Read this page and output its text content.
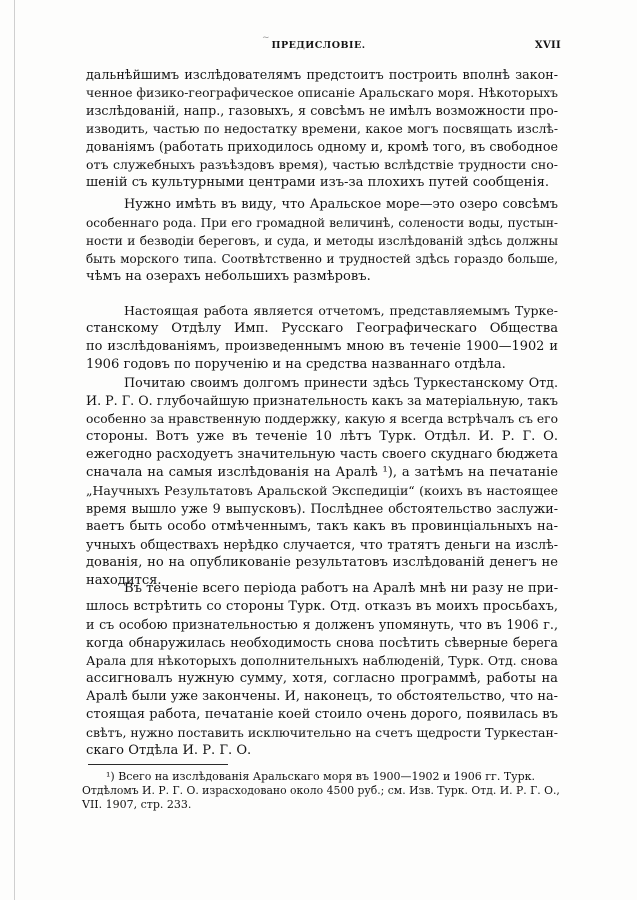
~
ПРЕДИСЛОВІЕ.	XVII

дальнѣйшимъ изслѣдователямъ предстоитъ построить вполнѣ закон-
ченное физико-географическое описаніе Аральскаго моря. Нѣкоторыхъ
изслѣдованій, напр., газовыхъ, я совсѣмъ не имѣлъ возможности про-
изводить, частью по недостатку времени, какое могъ посвящать изслѣ-
дованіямъ (работать приходилось одному и, кромѣ того, въ свободное
отъ служебныхъ разъѣздовъ время), частью вслѣдствіе трудности сно-
шеній съ культурными центрами изъ-за плохихъ путей сообщенія.

Нужно имѣть въ виду, что Аральское море—это озеро совсѣмъ
особеннаго рода. При его громадной величинѣ, солености воды, пустын-
ности и безводіи береговъ, и суда, и методы изслѣдованій здѣсь должны
быть морского типа. Соотвѣтственно и трудностей здѣсь гораздо больше,
чѣмъ на озерахъ небольшихъ размѣровъ.

Настоящая работа является отчетомъ, представляемымъ Туркe-
станскому Отдѣлу Имп. Русскаго Географическаго Общества
по изслѣдованіямъ, произведеннымъ мною въ теченіе 1900—1902 и
1906 годовъ по порученію и на средства названнаго отдѣла.

Почитаю своимъ долгомъ принести здѣсь Туркестанскому Отд.
И. Р. Г. О. глубочайшую признательность какъ за матеріальную, такъ
особенно за нравственную поддержку, какую я всегда встрѣчалъ съ его
стороны. Вотъ уже въ теченіе 10 лѣтъ Турк. Отдѣл. И. Р. Г. О.
ежегодно расходуетъ значительную часть своего скуднаго бюджета
сначала на самыя изслѣдованія на Аралѣ ¹), а затѣмъ на печатаніе
„Научныхъ Результатовъ Аральской Экспедиціи“ (коихъ въ настоящее
время вышло уже 9 выпусковъ). Послѣднее обстоятельство заслужи-
ваетъ быть особо отмѣченнымъ, такъ какъ въ провинціальныхъ на-
учныхъ обществахъ нерѣдко случается, что тратятъ деньги на изслѣ-
дованія, но на опубликованіе результатовъ изслѣдованій денегъ не
находится.

Въ теченіе всего періода работъ на Аралѣ мнѣ ни разу не при-
шлось встрѣтить со стороны Турк. Отд. отказъ въ моихъ просьбахъ,
и съ особою признательностью я долженъ упомянуть, что въ 1906 г.,
когда обнаружилась необходимость снова посѣтить сѣверные берега
Арала для нѣкоторыхъ дополнительныхъ наблюденій, Турк. Отд. снова
ассигновалъ нужную сумму, хотя, согласно программѣ, работы на
Аралѣ были уже закончены. И, наконецъ, то обстоятельство, что на-
стоящая работа, печатаніе коей стоило очень дорого, появилась въ
свѣтъ, нужно поставить исключительно на счетъ щедрости Туркестан-
скаго Отдѣла И. Р. Г. О.

¹) Всего на изслѣдованія Аральскаго моря въ 1900—1902 и 1906 гг. Турк.
Отдѣломъ И. Р. Г. О. израсходовано около 4500 руб.; см. Изв. Турк. Отд. И. Р. Г. О.,
VII. 1907, стр. 233.
